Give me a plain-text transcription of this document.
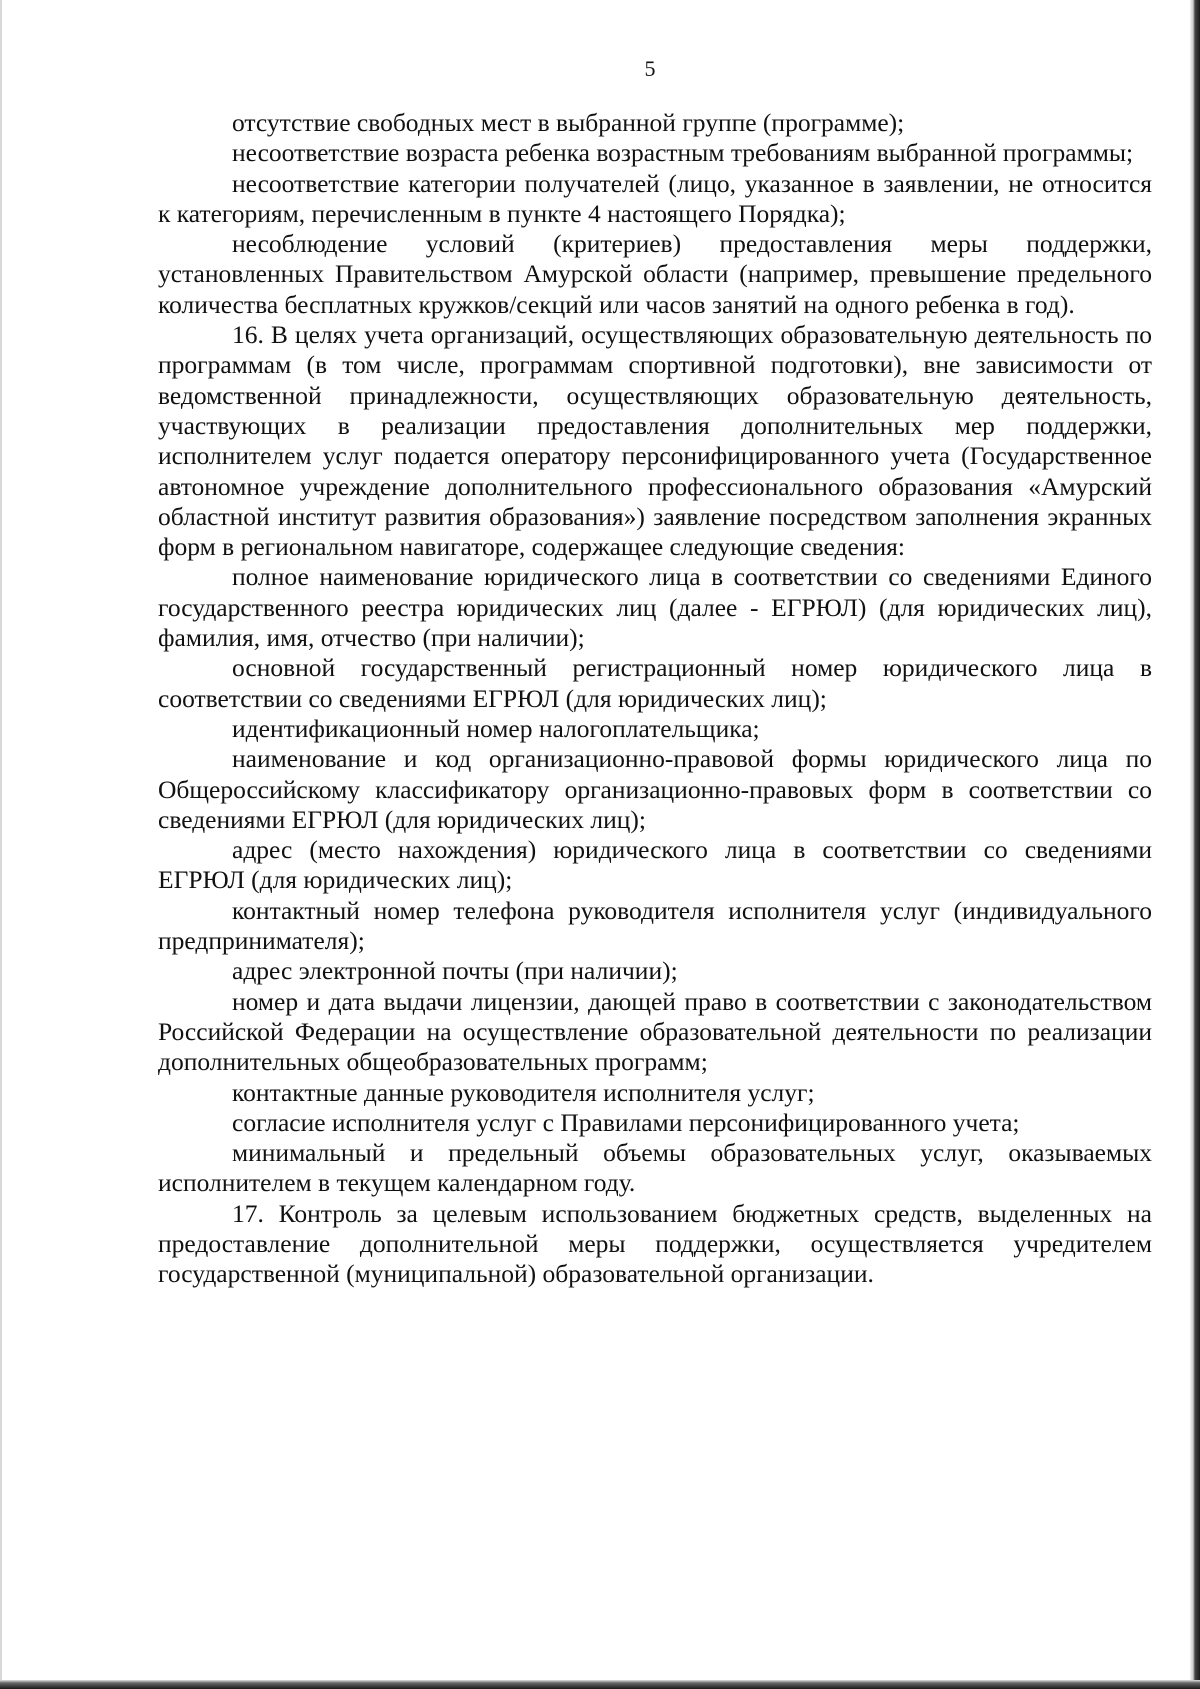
5

отсутствие свободных мест в выбранной группе (программе);

несоответствие возраста ребенка возрастным требованиям выбранной программы;

несоответствие категории получателей (лицо, указанное в заявлении, не относится к категориям, перечисленным в пункте 4 настоящего Порядка);

несоблюдение условий (критериев) предоставления меры поддержки, установленных Правительством Амурской области (например, превышение предельного количества бесплатных кружков/секций или часов занятий на одного ребенка в год).

16. В целях учета организаций, осуществляющих образовательную деятельность по программам (в том числе, программам спортивной подготовки), вне зависимости от ведомственной принадлежности, осуществляющих образовательную деятельность, участвующих в реализации предоставления дополнительных мер поддержки, исполнителем услуг подается оператору персонифицированного учета (Государственное автономное учреждение дополнительного профессионального образования «Амурский областной институт развития образования») заявление посредством заполнения экранных форм в региональном навигаторе, содержащее следующие сведения:

полное наименование юридического лица в соответствии со сведениями Единого государственного реестра юридических лиц (далее - ЕГРЮЛ) (для юридических лиц), фамилия, имя, отчество (при наличии);

основной государственный регистрационный номер юридического лица в соответствии со сведениями ЕГРЮЛ (для юридических лиц);

идентификационный номер налогоплательщика;

наименование и код организационно-правовой формы юридического лица по Общероссийскому классификатору организационно-правовых форм в соответствии со сведениями ЕГРЮЛ (для юридических лиц);

адрес (место нахождения) юридического лица в соответствии со сведениями ЕГРЮЛ (для юридических лиц);

контактный номер телефона руководителя исполнителя услуг (индивидуального предпринимателя);

адрес электронной почты (при наличии);

номер и дата выдачи лицензии, дающей право в соответствии с законодательством Российской Федерации на осуществление образовательной деятельности по реализации дополнительных общеобразовательных программ;

контактные данные руководителя исполнителя услуг;

согласие исполнителя услуг с Правилами персонифицированного учета;

минимальный и предельный объемы образовательных услуг, оказываемых исполнителем в текущем календарном году.

17. Контроль за целевым использованием бюджетных средств, выделенных на предоставление дополнительной меры поддержки, осуществляется учредителем государственной (муниципальной) образовательной организации.
